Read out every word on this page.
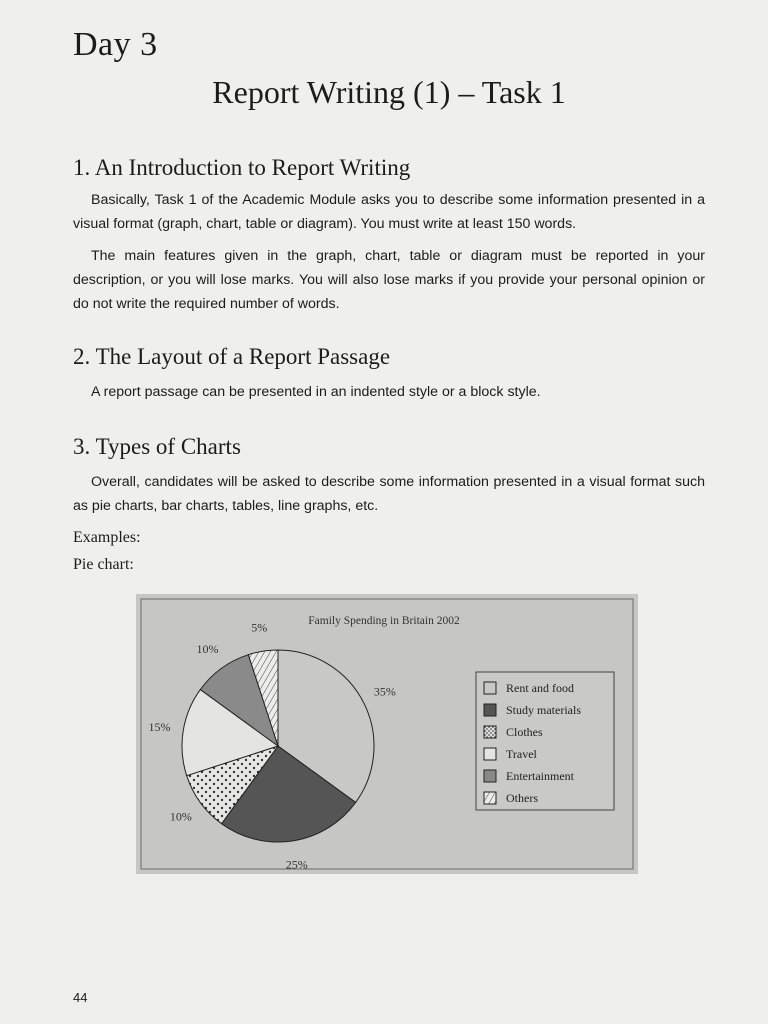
Day 3
Report Writing (1) – Task 1
1. An Introduction to Report Writing

Basically, Task 1 of the Academic Module asks you to describe some information presented in a visual format (graph, chart, table or diagram). You must write at least 150 words.

The main features given in the graph, chart, table or diagram must be reported in your description, or you will lose marks. You will also lose marks if you provide your personal opinion or do not write the required number of words.

2. The Layout of a Report Passage

A report passage can be presented in an indented style or a block style.

3. Types of Charts

Overall, candidates will be asked to describe some information presented in a visual format such as pie charts, bar charts, tables, line graphs, etc.

Examples:
Pie chart:
Family Spending in Britain 2002
35%
25%
10%
15%
10%
5%
Rent and food
Study materials
Clothes
Travel
Entertainment
Others
44
